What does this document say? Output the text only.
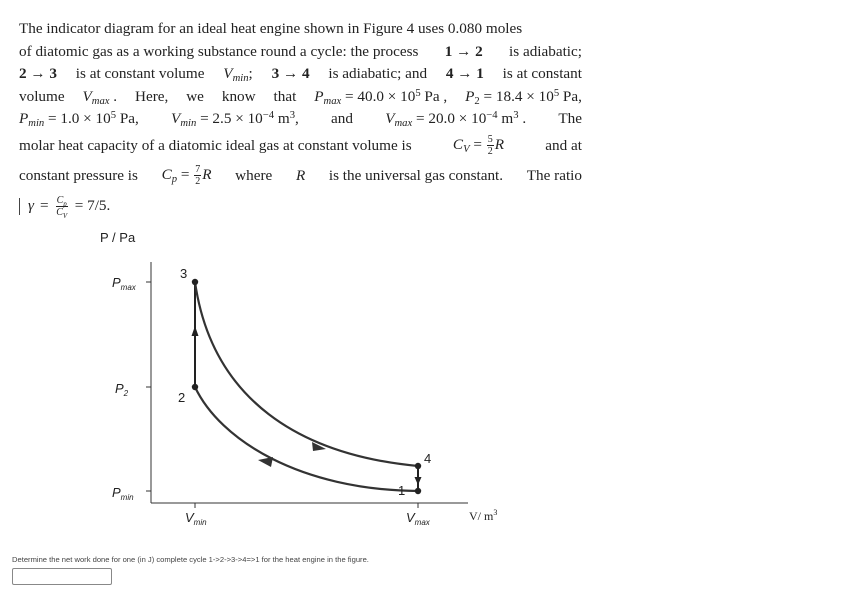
The indicator diagram for an ideal heat engine shown in Figure 4 uses 0.080 moles
of diatomic gas as a working substance round a cycle: the process 1 → 2 is adiabatic;
2 → 3 is at constant volume $V_{min}$; 3 → 4 is adiabatic; and 4 → 1 is at constant
volume $V_{max}$ . Here, we know that $P_{max} = 40.0 \times 10^5$ Pa , $P_2 = 18.4 \times 10^5$ Pa,
$P_{min} = 1.0 \times 10^5$ Pa, $V_{min} = 2.5 \times 10^{-4}$ $m^3$, and $V_{max} = 20.0 \times 10^{-4}$ $m^3$ . The
molar heat capacity of a diatomic ideal gas at constant volume is	$C_V = \frac{5}{2}$ R	and at
constant pressure is $C_p = \frac{7}{2}$ R where R is the universal gas constant. The ratio
$\gamma = \frac{C_p}{C_V} = 7/5$.
P / Pa
V/ $m^3$
$P_{max}$
$P_2$
$P_{min}$
$V_{min}$	$V_{max}$
3
2
4
1
Determine the net work done for one (in J) complete cycle 1->2->3->4=>1 for the heat engine in the figure.
